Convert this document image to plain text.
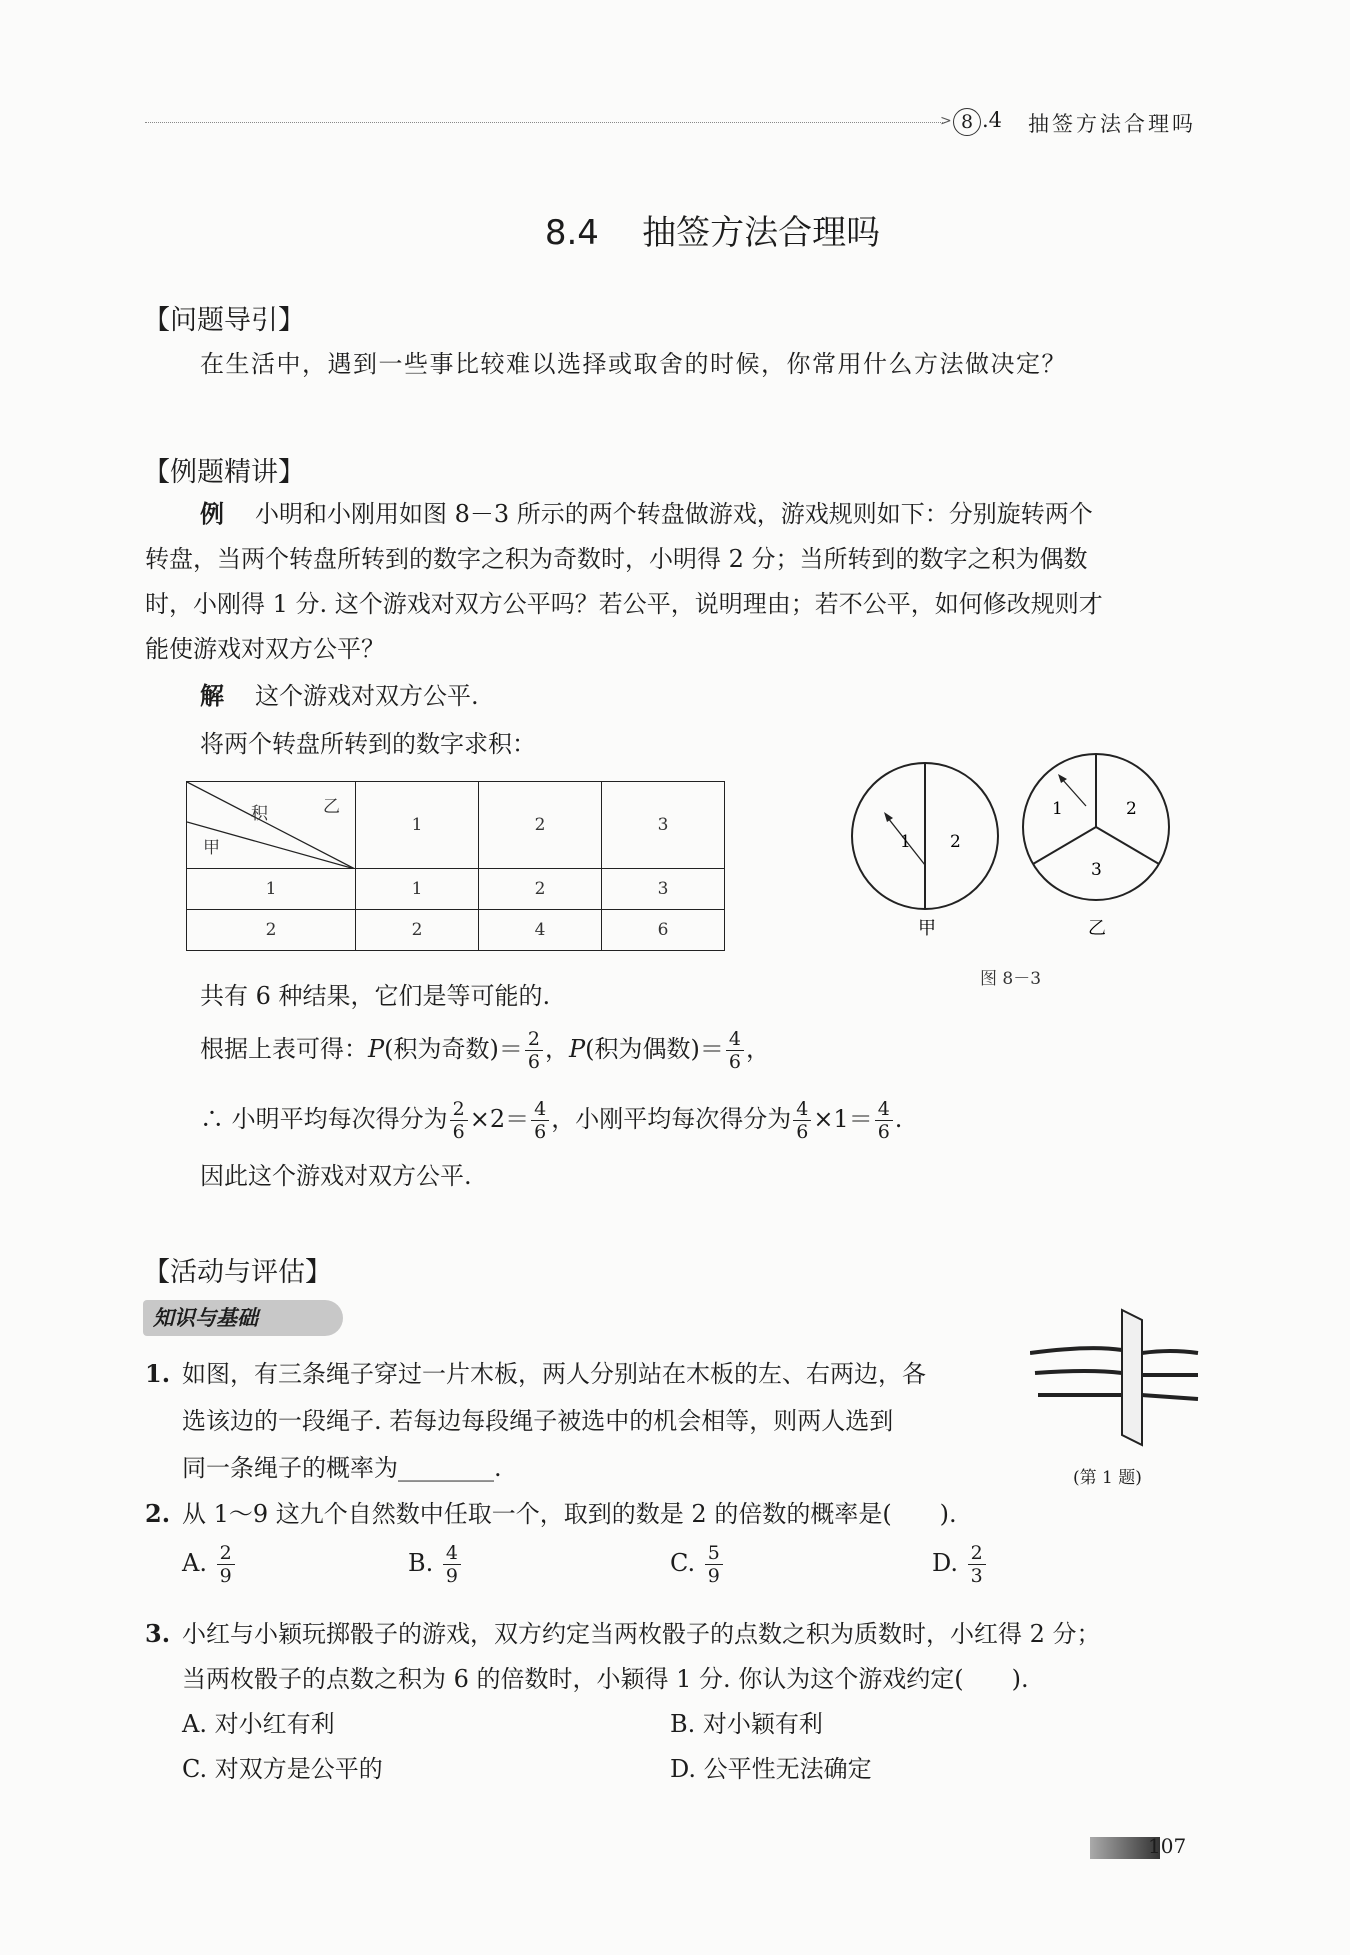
> 8 .4 抽签方法合理吗
8.4    抽签方法合理吗
【问题导引】
在生活中，遇到一些事比较难以选择或取舍的时候，你常用什么方法做决定？
【例题精讲】
例 小明和小刚用如图 8－3 所示的两个转盘做游戏，游戏规则如下：分别旋转两个
转盘，当两个转盘所转到的数字之积为奇数时，小明得 2 分；当所转到的数字之积为偶数
时，小刚得 1 分. 这个游戏对双方公平吗？若公平，说明理由；若不公平，如何修改规则才
能使游戏对双方公平？
解 这个游戏对双方公平.
将两个转盘所转到的数字求积：
积 乙
甲	1	2	3
1	1	2	3
2	2	4	6
1 2
1	2
3
甲	乙
图 8－3
共有 6 种结果，它们是等可能的.
根据上表可得：P(积为奇数)＝ $\frac{2}{6}$ ，P(积为偶数)＝ $\frac{4}{6}$ ，
∴ 小明平均每次得分为 $\frac{2}{6} \times 2= \frac{4}{6}$ ，小刚平均每次得分为 $\frac{4}{6} \times 1= \frac{4}{6}$ .
因此这个游戏对双方公平.
【活动与评估】
知识与基础
1. 如图，有三条绳子穿过一片木板，两人分别站在木板的左、右两边，各
选该边的一段绳子. 若每边每段绳子被选中的机会相等，则两人选到
同一条绳子的概率为________.	(第 1 题)
2. 从 1～9 这九个自然数中任取一个，取到的数是 2 的倍数的概率是(　　).
A. $\frac{2}{9}$	B. $\frac{4}{9}$	C. $\frac{5}{9}$	D. $\frac{2}{3}$
3. 小红与小颖玩掷骰子的游戏，双方约定当两枚骰子的点数之积为质数时，小红得 2 分；
当两枚骰子的点数之积为 6 的倍数时，小颖得 1 分. 你认为这个游戏约定(　　).
A. 对小红有利	B. 对小颖有利
C. 对双方是公平的	D. 公平性无法确定
107
